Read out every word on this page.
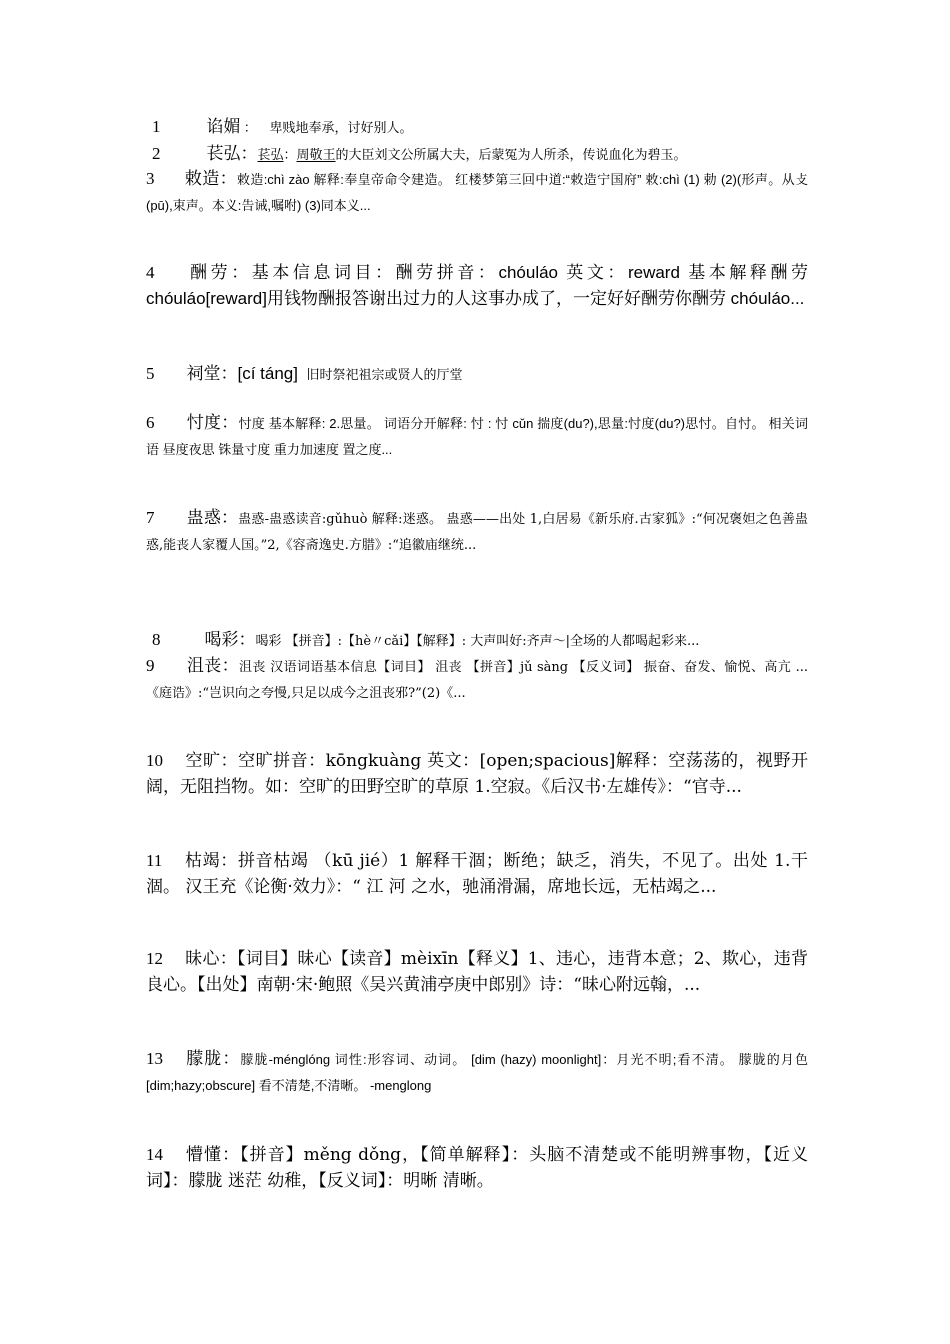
1	谄媚 ： 卑贱地奉承，讨好别人。
2	苌弘：苌弘：周敬王的大臣刘文公所属大夫，后蒙冤为人所杀，传说血化为碧玉。
3 敕造：敕造:chì zào 解释:奉皇帝命令建造。 红楼梦第三回中道:“敕造宁国府” 敕:chì (1) 勅 (2)(形声。从攴(pū),束声。本义:告诫,嘱咐) (3)同本义...
4 酬劳：基本信息词目：酬劳拼音：chóuláo 英文：reward 基本解释酬劳 chóuláo[reward]用钱物酬报答谢出过力的人这事办成了，一定好好酬劳你酬劳 chóuláo...
5 祠堂：[cí táng] 旧时祭祀祖宗或贤人的厅堂
6 忖度：忖度 基本解释: 2.思量。 词语分开解释: 忖 : 忖 cǔn 揣度(du?),思量:忖度(du?)思忖。自忖。 相关词语 昼度夜思 铢量寸度 重力加速度 置之度...
7 蛊惑：蛊惑-蛊惑读音:gǔhuò 解释:迷惑。 蛊惑——出处 1,白居易《新乐府.古家狐》:“何况褒妲之色善蛊惑,能丧人家覆人国。”2,《容斋逸史.方腊》:“追徽庙继统...
8	喝彩：喝彩 【拼音】:【hè〃cǎi】【解释】: 大声叫好:齐声～|全场的人都喝起彩来...
9 沮丧：沮丧 汉语词语基本信息【词目】 沮丧 【拼音】jǔ sàng 【反义词】 振奋、奋发、愉悦、高亢 ...《庭诰》:“岂识向之夸慢,只足以成今之沮丧邪?”(2)《...
10 空旷：空旷拼音：kōngkuàng 英文：[open;spacious]解释：空荡荡的，视野开阔，无阻挡物。如：空旷的田野空旷的草原 1.空寂。《后汉书·左雄传》：“官寺...
11 枯竭：拼音枯竭 （kū jié）1 解释干涸；断绝；缺乏，消失，不见了。出处 1.干涸。 汉王充《论衡·效力》：“ 江 河 之水，驰涌滑漏，席地长远，无枯竭之...
12 昧心：【词目】昧心【读音】mèixīn【释义】1、违心，违背本意；2、欺心，违背良心。【出处】南朝·宋·鲍照《吴兴黄浦亭庚中郎别》诗：“昧心附远翰，...
13 朦胧：朦胧-ménglóng 词性:形容词、动词。 [dim (hazy) moonlight]：月光不明;看不清。 朦胧的月色 [dim;hazy;obscure] 看不清楚,不清晰。 -menglong
14 懵懂：【拼音】měng dǒng，【简单解释】：头脑不清楚或不能明辨事物，【近义词】：朦胧 迷茫 幼稚，【反义词】：明晰 清晰。
